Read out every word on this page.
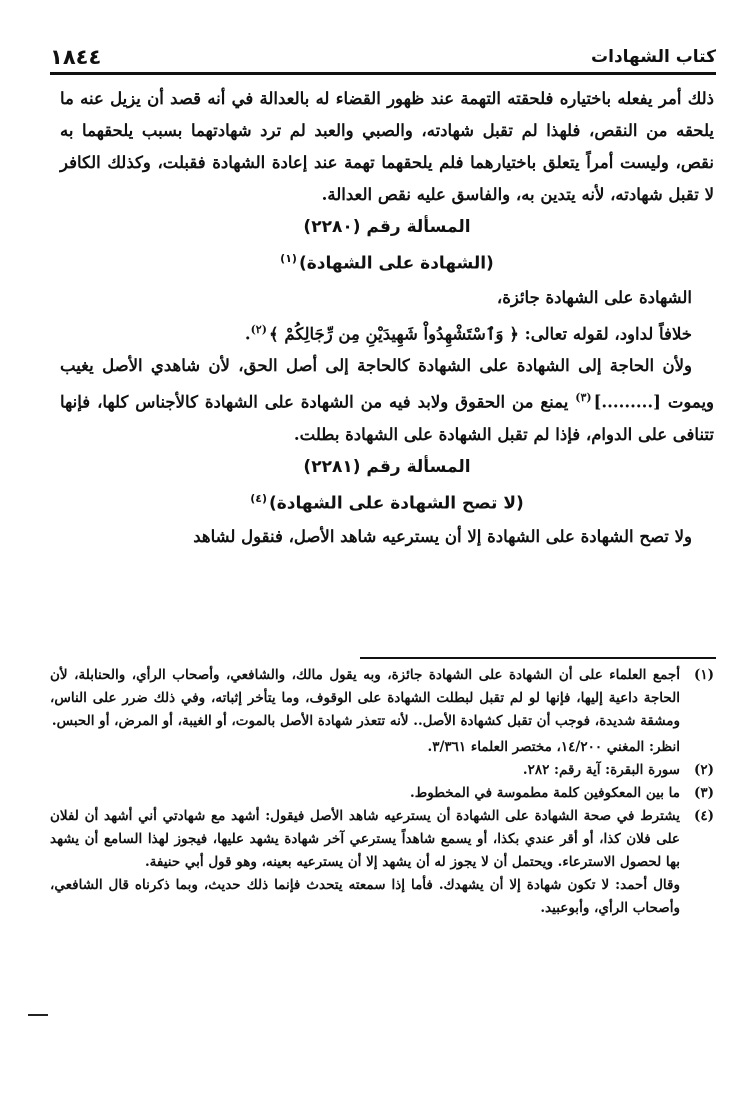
١٨٤٤	كتاب الشهادات

ذلك أمر يفعله باختياره فلحقته التهمة عند ظهور القضاء له بالعدالة في أنه قصد أن يزيل عنه ما يلحقه من النقص، فلهذا لم تقبل شهادته، والصبي والعبد لم ترد شهادتهما بسبب يلحقهما به نقص، وليست أمراً يتعلق باختيارهما فلم يلحقهما تهمة عند إعادة الشهادة فقبلت، وكذلك الكافر لا تقبل شهادته، لأنه يتدين به، والفاسق عليه نقص العدالة.

المسألة رقم (٢٢٨٠)

(الشهادة على الشهادة)$^{(١)}$

الشهادة على الشهادة جائزة،

خلافاً لداود، لقوله تعالى: ﴿ وَٱسْتَشْهِدُواْ شَهِيدَيْنِ مِن رِّجَالِكُمْ ﴾$^{(٢)}$.

ولأن الحاجة إلى الشهادة على الشهادة كالحاجة إلى أصل الحق، لأن شاهدي الأصل يغيب ويموت [.........]$^{(٣)}$ يمنع من الحقوق ولابد فيه من الشهادة على الشهادة كالأجناس كلها، فإنها تتنافى على الدوام، فإذا لم تقبل الشهادة على الشهادة بطلت.

المسألة رقم (٢٢٨١)

(لا تصح الشهادة على الشهادة)$^{(٤)}$

ولا تصح الشهادة على الشهادة إلا أن يسترعيه شاهد الأصل، فنقول لشاهد

(١)

أجمع العلماء على أن الشهادة على الشهادة جائزة، وبه يقول مالك، والشافعي، وأصحاب الرأي، والحنابلة، لأن الحاجة داعية إليها، فإنها لو لم تقبل لبطلت الشهادة على الوقوف، وما يتأخر إثباته، وفي ذلك ضرر على الناس، ومشقة شديدة، فوجب أن تقبل كشهادة الأصل.. لأنه تتعذر شهادة الأصل بالموت، أو الغيبة، أو المرض، أو الحبس.

انظر: المغني ١٤/٢٠٠، مختصر العلماء ٣/٣٦١.

(٢)

سورة البقرة: آية رقم: ٢٨٢.

(٣)

ما بين المعكوفين كلمة مطموسة في المخطوط.

(٤)

يشترط في صحة الشهادة على الشهادة أن يسترعيه شاهد الأصل فيقول: أشهد مع شهادتي أني أشهد أن لفلان على فلان كذا، أو أقر عندي بكذا، أو يسمع شاهداً يسترعي آخر شهادة يشهد عليها، فيجوز لهذا السامع أن يشهد بها لحصول الاسترعاء. ويحتمل أن لا يجوز له أن يشهد إلا أن يسترعيه بعينه، وهو قول أبي حنيفة.

وقال أحمد: لا تكون شهادة إلا أن يشهدك. فأما إذا سمعته يتحدث فإنما ذلك حديث، وبما ذكرناه قال الشافعي، وأصحاب الرأي، وأبوعبيد.
